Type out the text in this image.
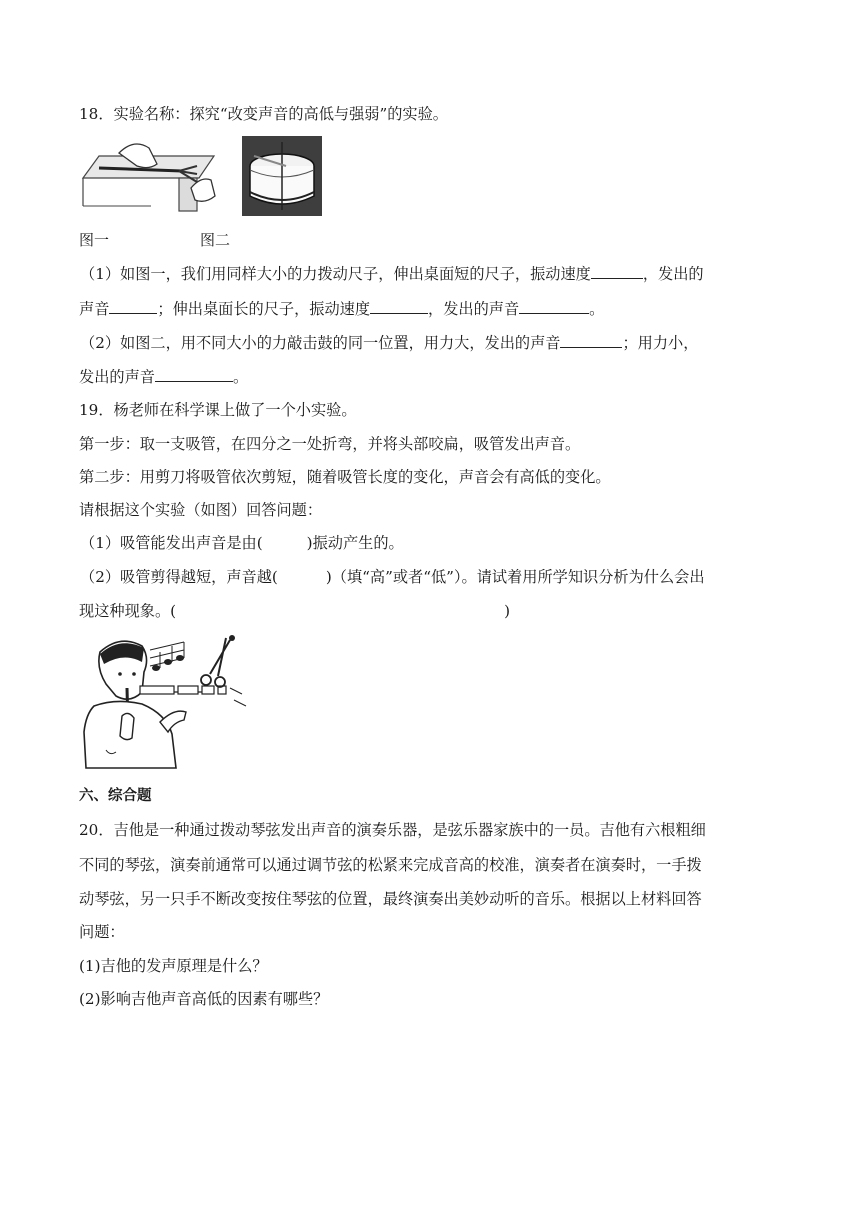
18．实验名称：探究“改变声音的高低与强弱”的实验。
图一	图二
（1）如图一，我们用同样大小的力拨动尺子，伸出桌面短的尺子，振动速度	，发出的
声音	；伸出桌面长的尺子，振动速度	，发出的声音	。
（2）如图二，用不同大小的力敲击鼓的同一位置，用力大，发出的声音	；用力小，
发出的声音	。
19．杨老师在科学课上做了一个小实验。
第一步：取一支吸管，在四分之一处折弯，并将头部咬扁，吸管发出声音。
第二步：用剪刀将吸管依次剪短，随着吸管长度的变化，声音会有高低的变化。
请根据这个实验（如图）回答问题：
（1）吸管能发出声音是由(	)振动产生的。
（2）吸管剪得越短，声音越(	)（填“高”或者“低”）。请试着用所学知识分析为什么会出
现这种现象。(	)
六、综合题
20．吉他是一种通过拨动琴弦发出声音的演奏乐器，是弦乐器家族中的一员。吉他有六根粗细
不同的琴弦，演奏前通常可以通过调节弦的松紧来完成音高的校准，演奏者在演奏时，一手拨
动琴弦，另一只手不断改变按住琴弦的位置，最终演奏出美妙动听的音乐。根据以上材料回答
问题：
(1)吉他的发声原理是什么？
(2)影响吉他声音高低的因素有哪些？
